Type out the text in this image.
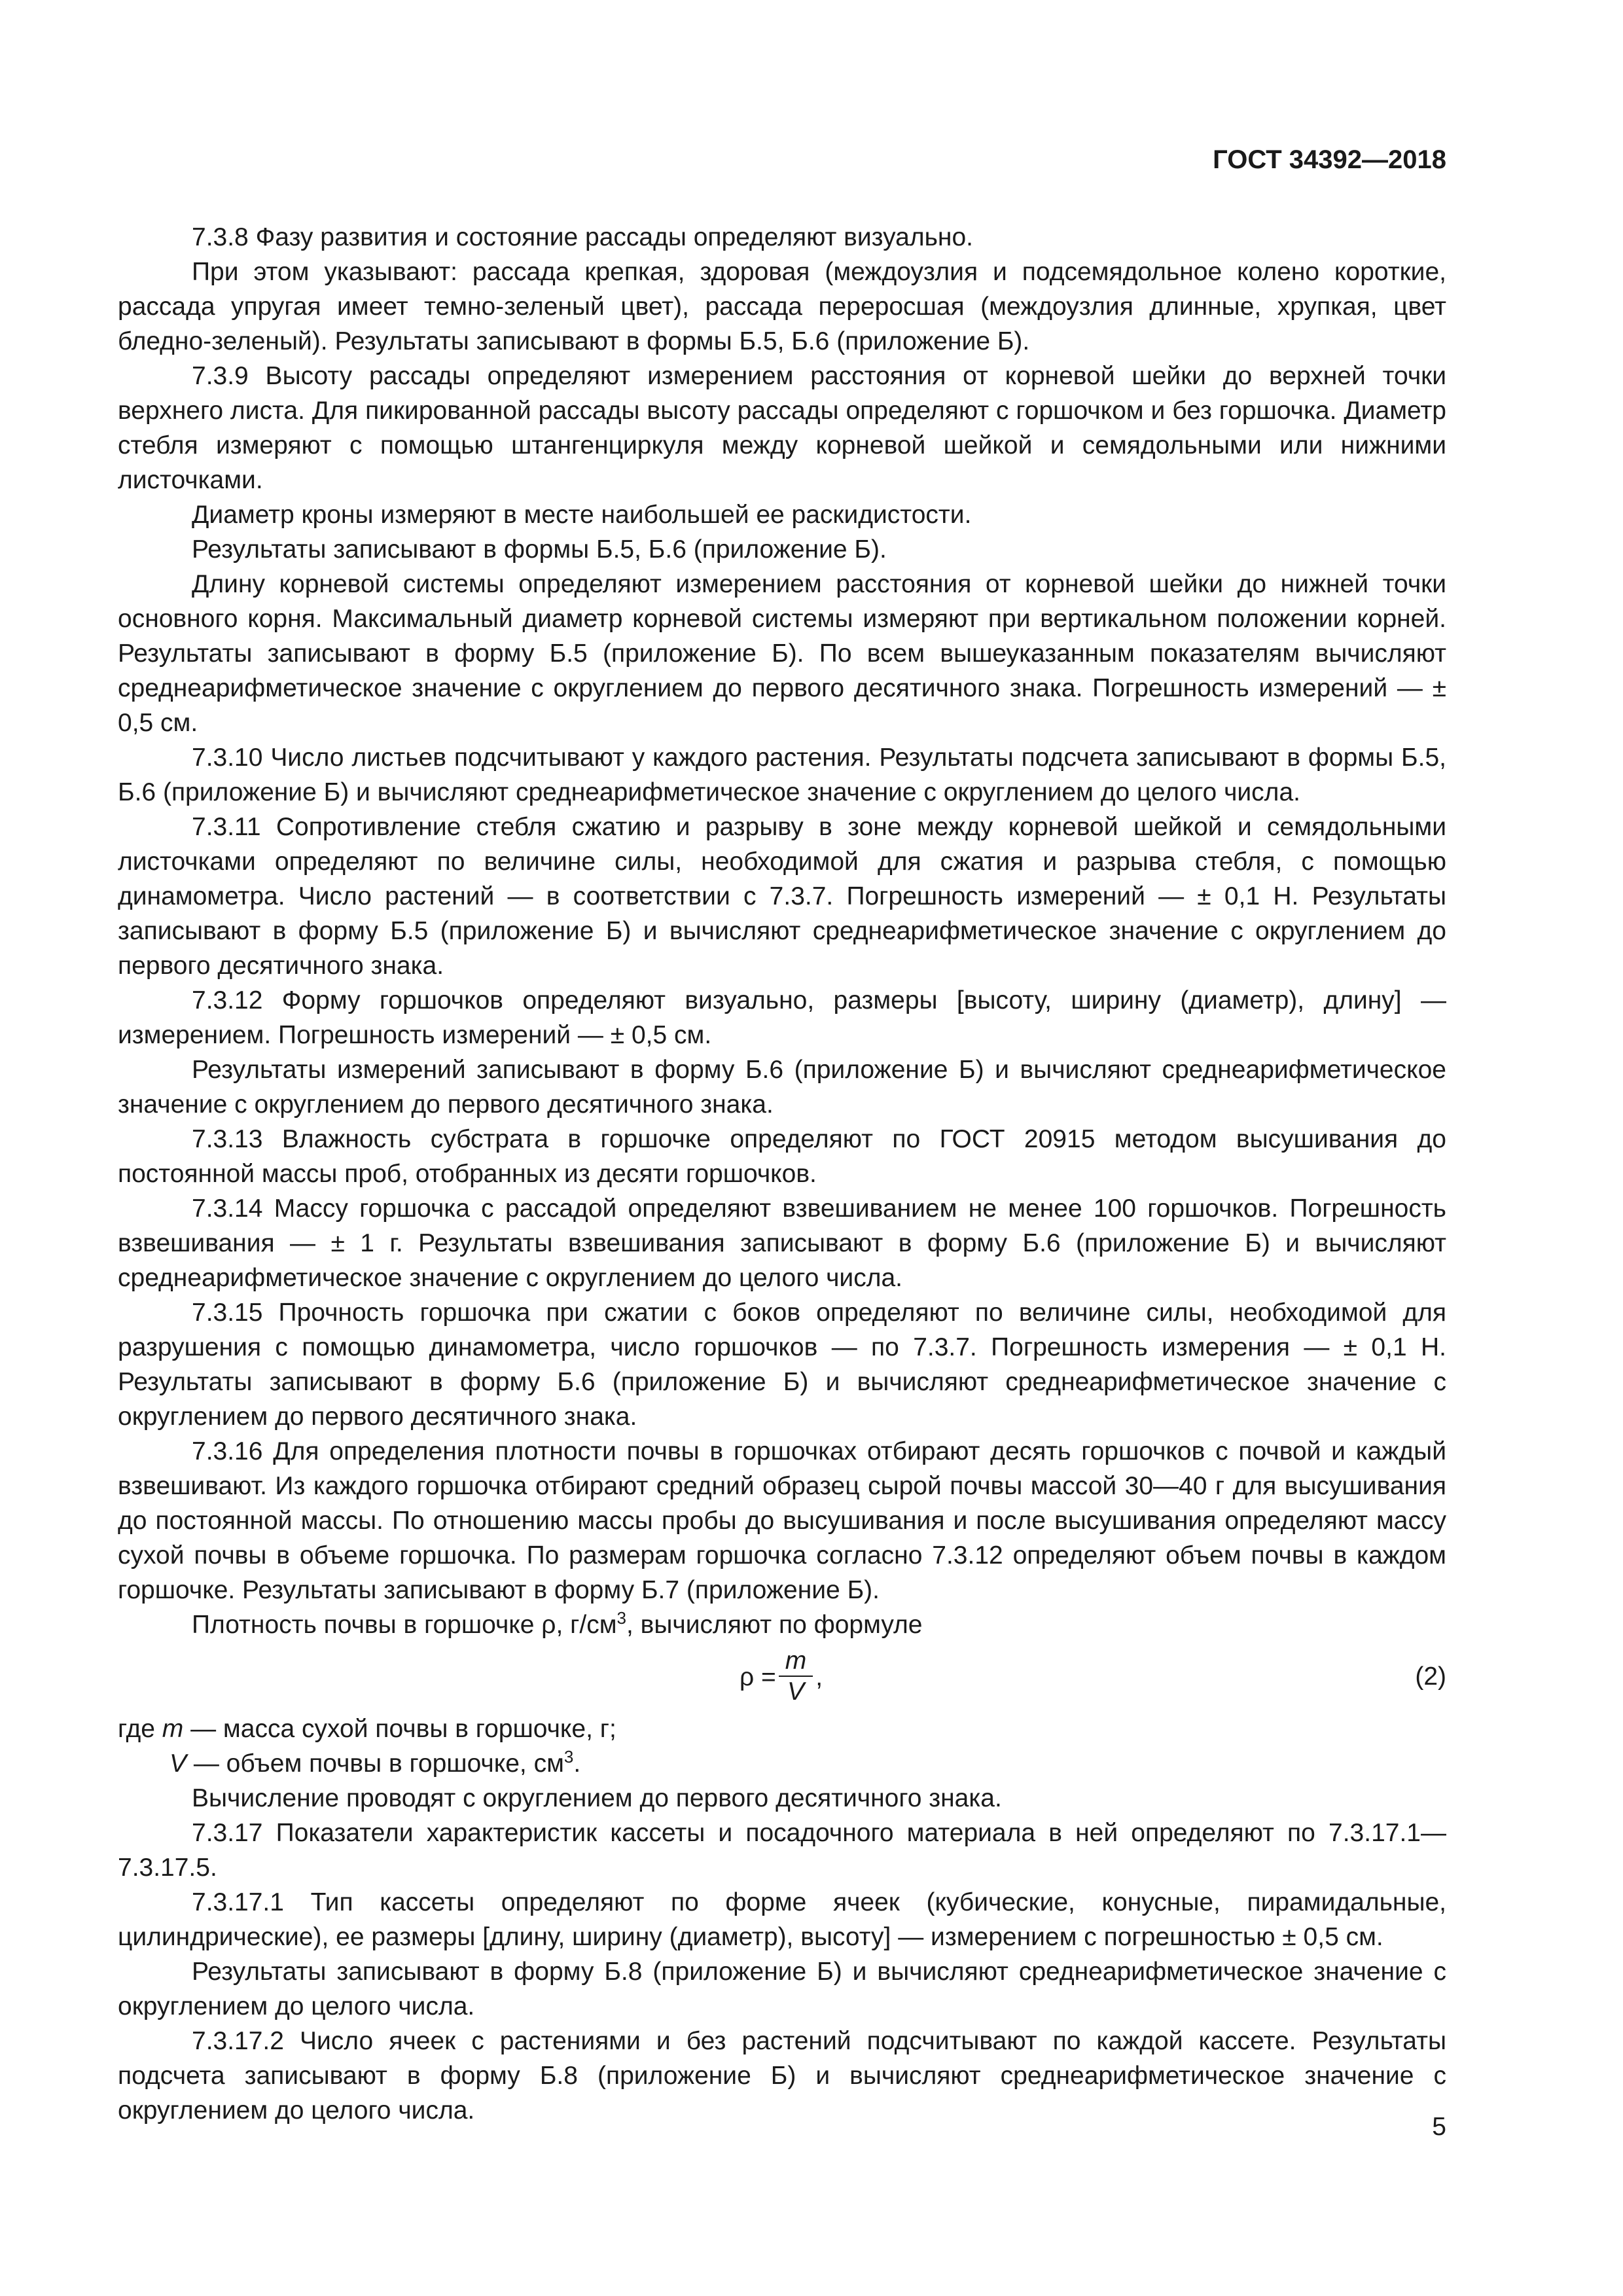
ГОСТ 34392—2018

7.3.8 Фазу развития и состояние рассады определяют визуально.

При этом указывают: рассада крепкая, здоровая (междоузлия и подсемядольное колено короткие, рассада упругая имеет темно-зеленый цвет), рассада переросшая (междоузлия длинные, хрупкая, цвет бледно-зеленый). Результаты записывают в формы Б.5, Б.6 (приложение Б).

7.3.9 Высоту рассады определяют измерением расстояния от корневой шейки до верхней точки верхнего листа. Для пикированной рассады высоту рассады определяют с горшочком и без горшочка. Диаметр стебля измеряют с помощью штангенциркуля между корневой шейкой и семядольными или нижними листочками.

Диаметр кроны измеряют в месте наибольшей ее раскидистости.

Результаты записывают в формы Б.5, Б.6 (приложение Б).

Длину корневой системы определяют измерением расстояния от корневой шейки до нижней точки основного корня. Максимальный диаметр корневой системы измеряют при вертикальном положении корней. Результаты записывают в форму Б.5 (приложение Б). По всем вышеуказанным показателям вычисляют среднеарифметическое значение с округлением до первого десятичного знака. Погрешность измерений — ± 0,5 см.

7.3.10 Число листьев подсчитывают у каждого растения. Результаты подсчета записывают в формы Б.5, Б.6 (приложение Б) и вычисляют среднеарифметическое значение с округлением до целого числа.

7.3.11 Сопротивление стебля сжатию и разрыву в зоне между корневой шейкой и семядольными листочками определяют по величине силы, необходимой для сжатия и разрыва стебля, с помощью динамометра. Число растений — в соответствии с 7.3.7. Погрешность измерений — ± 0,1 Н. Результаты записывают в форму Б.5 (приложение Б) и вычисляют среднеарифметическое значение с округлением до первого десятичного знака.

7.3.12 Форму горшочков определяют визуально, размеры [высоту, ширину (диаметр), длину] — измерением. Погрешность измерений — ± 0,5 см.

Результаты измерений записывают в форму Б.6 (приложение Б) и вычисляют среднеарифметическое значение с округлением до первого десятичного знака.

7.3.13 Влажность субстрата в горшочке определяют по ГОСТ 20915 методом высушивания до постоянной массы проб, отобранных из десяти горшочков.

7.3.14 Массу горшочка с рассадой определяют взвешиванием не менее 100 горшочков. Погрешность взвешивания — ± 1 г. Результаты взвешивания записывают в форму Б.6 (приложение Б) и вычисляют среднеарифметическое значение с округлением до целого числа.

7.3.15 Прочность горшочка при сжатии с боков определяют по величине силы, необходимой для разрушения с помощью динамометра, число горшочков — по 7.3.7. Погрешность измерения — ± 0,1 Н. Результаты записывают в форму Б.6 (приложение Б) и вычисляют среднеарифметическое значение с округлением до первого десятичного знака.

7.3.16 Для определения плотности почвы в горшочках отбирают десять горшочков с почвой и каждый взвешивают. Из каждого горшочка отбирают средний образец сырой почвы массой 30—40 г для высушивания до постоянной массы. По отношению массы пробы до высушивания и после высушивания определяют массу сухой почвы в объеме горшочка. По размерам горшочка согласно 7.3.12 определяют объем почвы в каждом горшочке. Результаты записывают в форму Б.7 (приложение Б).

Плотность почвы в горшочке ρ, $г/см^3$, вычисляют по формуле

$\rho = \frac{m}{V}$ ,	(2)

где m — масса сухой почвы в горшочке, г;

V — объем почвы в горшочке, $см^3$.

Вычисление проводят с округлением до первого десятичного знака.

7.3.17 Показатели характеристик кассеты и посадочного материала в ней определяют по 7.3.17.1—7.3.17.5.

7.3.17.1 Тип кассеты определяют по форме ячеек (кубические, конусные, пирамидальные, цилиндрические), ее размеры [длину, ширину (диаметр), высоту] — измерением с погрешностью ± 0,5 см.

Результаты записывают в форму Б.8 (приложение Б) и вычисляют среднеарифметическое значение с округлением до целого числа.

7.3.17.2 Число ячеек с растениями и без растений подсчитывают по каждой кассете. Результаты подсчета записывают в форму Б.8 (приложение Б) и вычисляют среднеарифметическое значение с округлением до целого числа.

5
